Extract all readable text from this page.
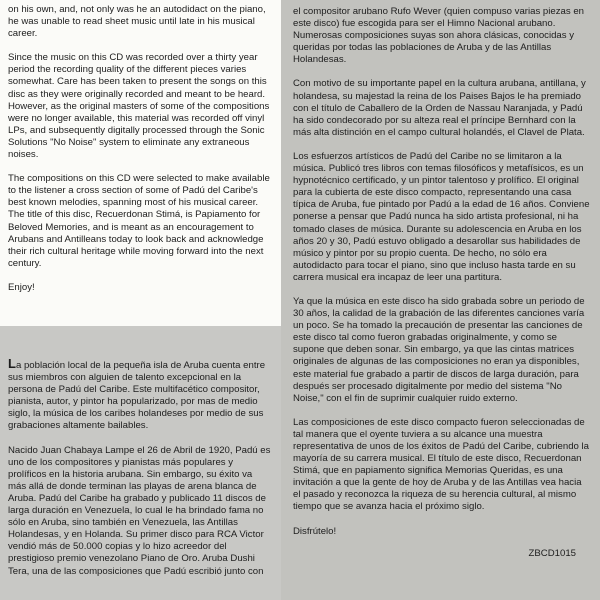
on his own, and, not only was he an autodidact on the piano, he was unable to read sheet music until late in his musical career.

Since the music on this CD was recorded over a thirty year period the recording quality of the different pieces varies somewhat. Care has been taken to present the songs on this disc as they were originally recorded and meant to be heard. However, as the original masters of some of the compositions were no longer available, this material was recorded off vinyl LPs, and subsequently digitally processed through the Sonic Solutions "No Noise" system to eliminate any extraneous noises.

The compositions on this CD were selected to make available to the listener a cross section of some of Padú del Caribe's best known melodies, spanning most of his musical career. The title of this disc, Recuerdonan Stimá, is Papiamento for Beloved Memories, and is meant as an encouragement to Arubans and Antilleans today to look back and acknowledge their rich cultural heritage while moving forward into the next century.

Enjoy!

La población local de la pequeña isla de Aruba cuenta entre sus miembros con alguien de talento excepcional en la persona de Padú del Caribe. Este multifacético compositor, pianista, autor, y pintor ha popularizado, por mas de medio siglo, la música de los caribes holandeses por medio de sus grabaciones altamente bailables.

Nacido Juan Chabaya Lampe el 26 de Abril de 1920, Padú es uno de los compositores y pianistas más populares y prolíficos en la historia arubana. Sin embargo, su éxito va más allá de donde terminan las playas de arena blanca de Aruba. Padú del Caribe ha grabado y publicado 11 discos de larga duración en Venezuela, lo cual le ha brindado fama no sólo en Aruba, sino también en Venezuela, las Antillas Holandesas, y en Holanda. Su primer disco para RCA Victor vendió más de 50.000 copias y lo hizo acreedor del prestigioso premio venezolano Piano de Oro. Aruba Dushi Tera, una de las composiciones que Padú escribió junto con

el compositor arubano Rufo Wever (quien compuso varias piezas en este disco) fue escogida para ser el Himno Nacional arubano. Numerosas composiciones suyas son ahora clásicas, conocidas y queridas por todas las poblaciones de Aruba y de las Antillas Holandesas.

Con motivo de su importante papel en la cultura arubana, antillana, y holandesa, su majestad la reina de los Paises Bajos le ha premiado con el título de Caballero de la Orden de Nassau Naranjada, y Padú ha sido condecorado por su alteza real el príncipe Bernhard con la más alta distinción en el campo cultural holandés, el Clavel de Plata.

Los esfuerzos artísticos de Padú del Caribe no se limitaron a la música. Publicó tres libros con temas filosóficos y metafísicos, es un hypnotécnico certificado, y un pintor talentoso y prolífico. El original para la cubierta de este disco compacto, representando una casa típica de Aruba, fue pintado por Padú a la edad de 16 años. Conviene ponerse a pensar que Padú nunca ha sido artista profesional, ni ha tomado clases de música. Durante su adolescencia en Aruba en los años 20 y 30, Padú estuvo obligado a desarollar sus habilidades de músico y pintor por su propio cuenta. De hecho, no sólo era autodidacto para tocar el piano, sino que incluso hasta tarde en su carrera musical era incapaz de leer una partitura.

Ya que la música en este disco ha sido grabada sobre un periodo de 30 años, la calidad de la grabación de las diferentes canciones varía un poco. Se ha tomado la precaución de presentar las canciones de este disco tal como fueron grabadas originalmente, y como se supone que deben sonar. Sin embargo, ya que las cintas matrices originales de algunas de las composiciones no eran ya disponibles, este material fue grabado a partir de discos de larga duración, para después ser procesado digitalmente por medio del sistema "No Noise," con el fin de suprimir cualquier ruido externo.

Las composiciones de este disco compacto fueron seleccionadas de tal manera que el oyente tuviera a su alcance una muestra representativa de unos de los éxitos de Padú del Caribe, cubriendo la mayoría de su carrera musical. El título de este disco, Recuerdonan Stimá, que en papiamento significa Memorias Queridas, es una invitación a que la gente de hoy de Aruba y de las Antillas vea hacia el pasado y reconozca la riqueza de su herencia cultural, al mismo tiempo que se avanza hacia el próximo siglo.

Disfrútelo!

ZBCD1015
